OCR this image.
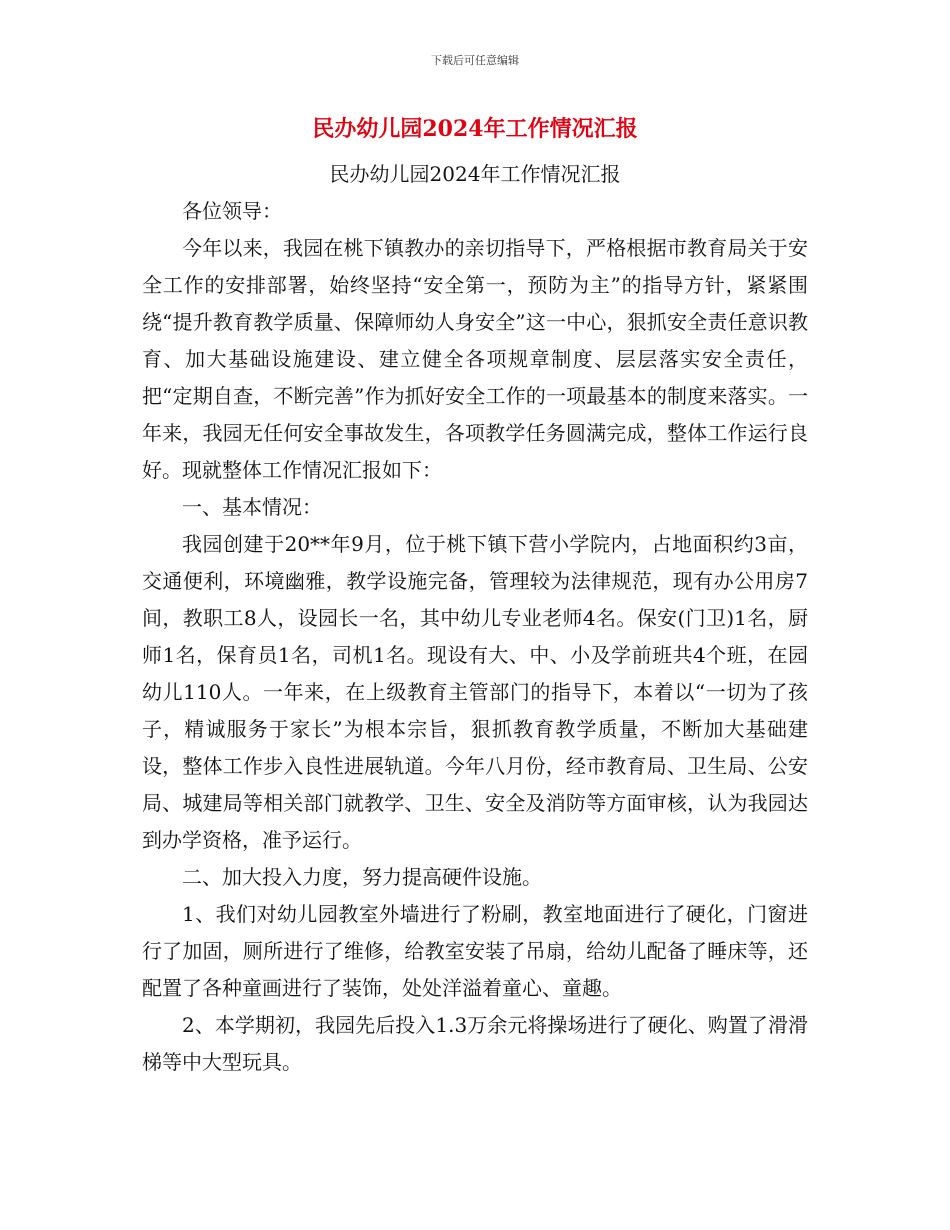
下载后可任意编辑
民办幼儿园2024年工作情况汇报

民办幼儿园2024年工作情况汇报

各位领导：

今年以来，我园在桃下镇教办的亲切指导下，严格根据市教育局关于安全工作的安排部署，始终坚持“安全第一，预防为主”的指导方针，紧紧围绕“提升教育教学质量、保障师幼人身安全”这一中心，狠抓安全责任意识教育、加大基础设施建设、建立健全各项规章制度、层层落实安全责任，把“定期自查，不断完善”作为抓好安全工作的一项最基本的制度来落实。一年来，我园无任何安全事故发生，各项教学任务圆满完成，整体工作运行良好。现就整体工作情况汇报如下：

一、基本情况：

我园创建于20**年9月，位于桃下镇下营小学院内，占地面积约3亩，交通便利，环境幽雅，教学设施完备，管理较为法律规范，现有办公用房7间，教职工8人，设园长一名，其中幼儿专业老师4名。保安(门卫)1名，厨师1名，保育员1名，司机1名。现设有大、中、小及学前班共4个班，在园幼儿110人。一年来，在上级教育主管部门的指导下，本着以“一切为了孩子，精诚服务于家长”为根本宗旨，狠抓教育教学质量，不断加大基础建设，整体工作步入良性进展轨道。今年八月份，经市教育局、卫生局、公安局、城建局等相关部门就教学、卫生、安全及消防等方面审核，认为我园达到办学资格，准予运行。

二、加大投入力度，努力提高硬件设施。

1、我们对幼儿园教室外墙进行了粉刷，教室地面进行了硬化，门窗进行了加固，厕所进行了维修，给教室安装了吊扇，给幼儿配备了睡床等，还配置了各种童画进行了装饰，处处洋溢着童心、童趣。

2、本学期初，我园先后投入1.3万余元将操场进行了硬化、购置了滑滑梯等中大型玩具。
